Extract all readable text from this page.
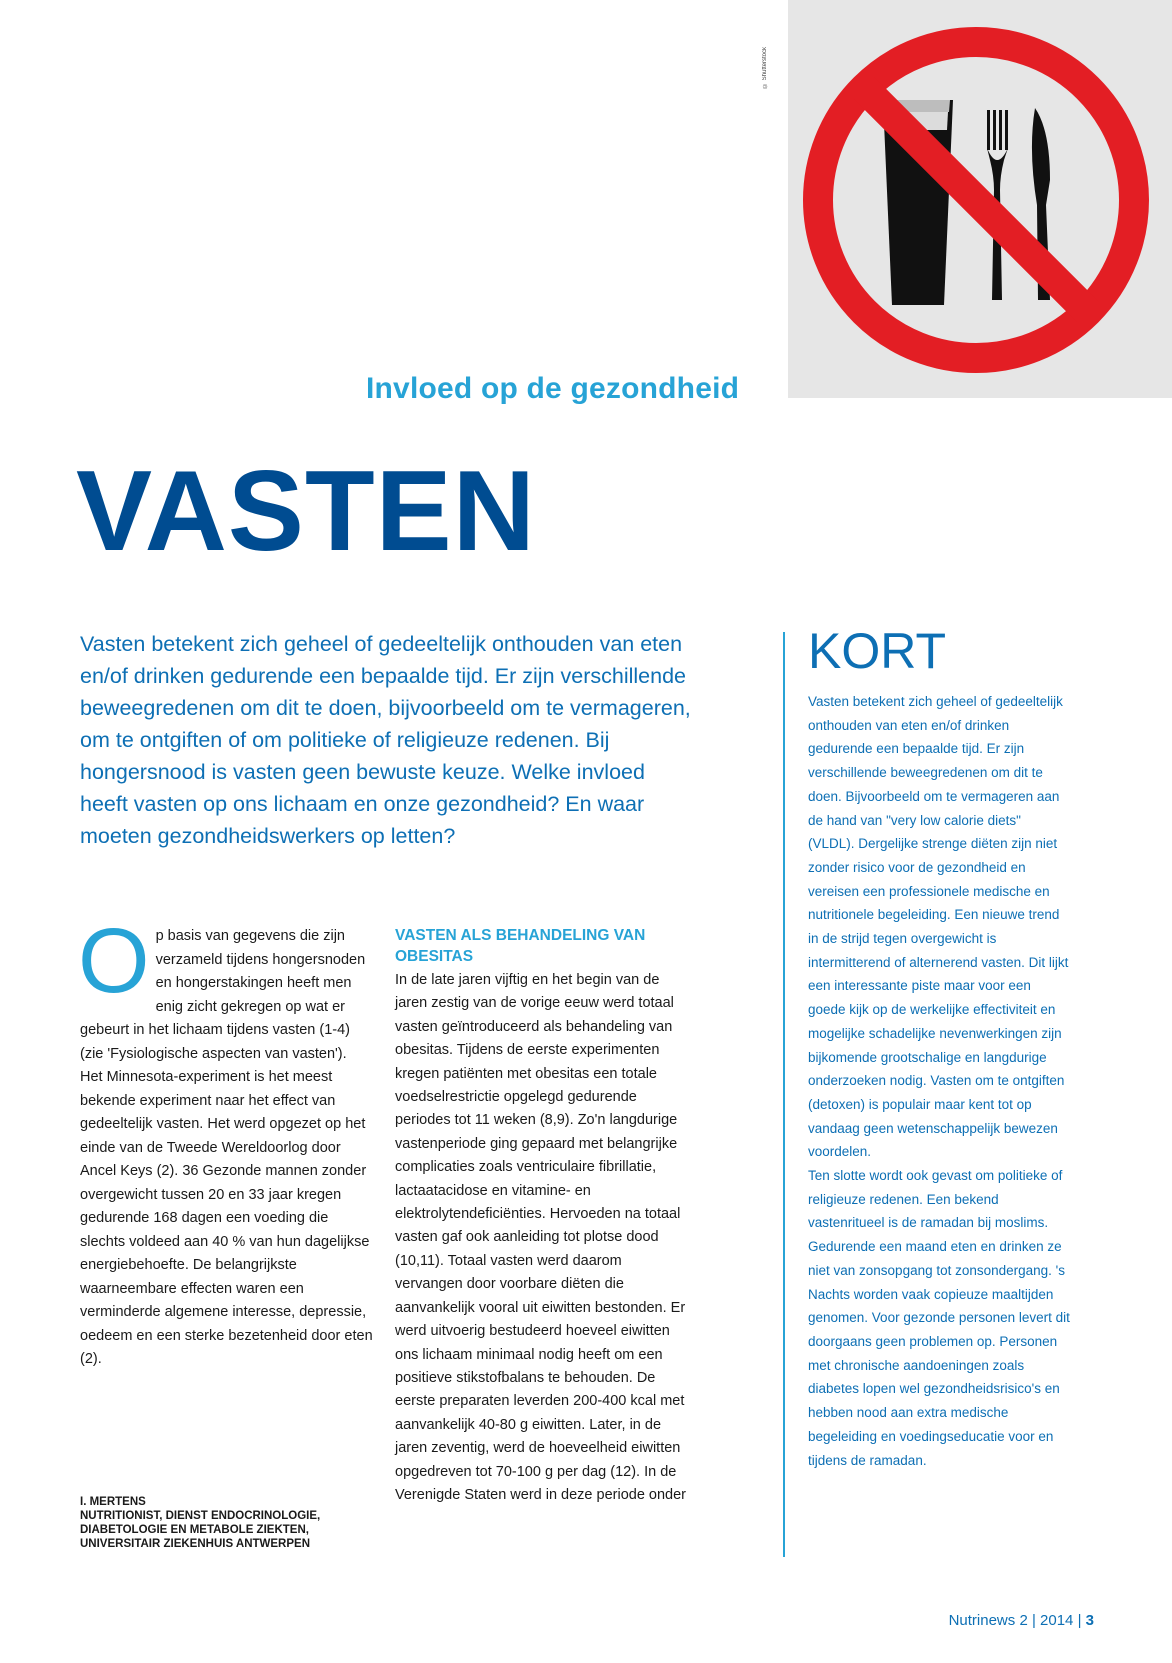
© Shutterstock
Invloed op de gezondheid
VASTEN

Vasten betekent zich geheel of gedeeltelijk onthouden van eten en/of drinken gedurende een bepaalde tijd. Er zijn verschillende beweegredenen om dit te doen, bijvoorbeeld om te vermageren, om te ontgiften of om politieke of religieuze redenen. Bij hongersnood is vasten geen bewuste keuze. Welke invloed heeft vasten op ons lichaam en onze gezondheid? En waar moeten gezondheidswerkers op letten?

Op basis van gegevens die zijn verzameld tijdens hongersnoden en hongerstakingen heeft men enig zicht gekregen op wat er gebeurt in het lichaam tijdens vasten (1-4) (zie 'Fysiologische aspecten van vasten'). Het Minnesota-experiment is het meest bekende experiment naar het effect van gedeeltelijk vasten. Het werd opgezet op het einde van de Tweede Wereldoorlog door Ancel Keys (2). 36 Gezonde mannen zonder overgewicht tussen 20 en 33 jaar kregen gedurende 168 dagen een voeding die slechts voldeed aan 40 % van hun dagelijkse energiebehoefte. De belangrijkste waarneembare effecten waren een verminderde algemene interesse, depressie, oedeem en een sterke bezetenheid door eten (2).

I. MERTENS
NUTRITIONIST, DIENST ENDOCRINOLOGIE, DIABETOLOGIE EN METABOLE ZIEKTEN, UNIVERSITAIR ZIEKENHUIS ANTWERPEN
VASTEN ALS BEHANDELING VAN OBESITAS

In de late jaren vijftig en het begin van de jaren zestig van de vorige eeuw werd totaal vasten geïntroduceerd als behandeling van obesitas. Tijdens de eerste experimenten kregen patiënten met obesitas een totale voedselrestrictie opgelegd gedurende periodes tot 11 weken (8,9). Zo'n langdurige vastenperiode ging gepaard met belangrijke complicaties zoals ventriculaire fibrillatie, lactaatacidose en vitamine- en elektrolytendeficiënties. Hervoeden na totaal vasten gaf ook aanleiding tot plotse dood (10,11). Totaal vasten werd daarom vervangen door voorbare diëten die aanvankelijk vooral uit eiwitten bestonden. Er werd uitvoerig bestudeerd hoeveel eiwitten ons lichaam minimaal nodig heeft om een positieve stikstofbalans te behouden. De eerste preparaten leverden 200-400 kcal met aanvankelijk 40-80 g eiwitten. Later, in de jaren zeventig, werd de hoeveelheid eiwitten opgedreven tot 70-100 g per dag (12). In de Verenigde Staten werd in deze periode onder

KORT

Vasten betekent zich geheel of gedeeltelijk onthouden van eten en/of drinken gedurende een bepaalde tijd. Er zijn verschillende beweegredenen om dit te doen. Bijvoorbeeld om te vermageren aan de hand van "very low calorie diets" (VLDL). Dergelijke strenge diëten zijn niet zonder risico voor de gezondheid en vereisen een professionele medische en nutritionele begeleiding. Een nieuwe trend in de strijd tegen overgewicht is intermitterend of alternerend vasten. Dit lijkt een interessante piste maar voor een goede kijk op de werkelijke effectiviteit en mogelijke schadelijke nevenwerkingen zijn bijkomende grootschalige en langdurige onderzoeken nodig. Vasten om te ontgiften (detoxen) is populair maar kent tot op vandaag geen wetenschappelijk bewezen voordelen.

Ten slotte wordt ook gevast om politieke of religieuze redenen. Een bekend vastenritueel is de ramadan bij moslims. Gedurende een maand eten en drinken ze niet van zonsopgang tot zonsondergang. 's Nachts worden vaak copieuze maaltijden genomen. Voor gezonde personen levert dit doorgaans geen problemen op. Personen met chronische aandoeningen zoals diabetes lopen wel gezondheidsrisico's en hebben nood aan extra medische begeleiding en voedingseducatie voor en tijdens de ramadan.

Nutrinews 2 | 2014 | 3
